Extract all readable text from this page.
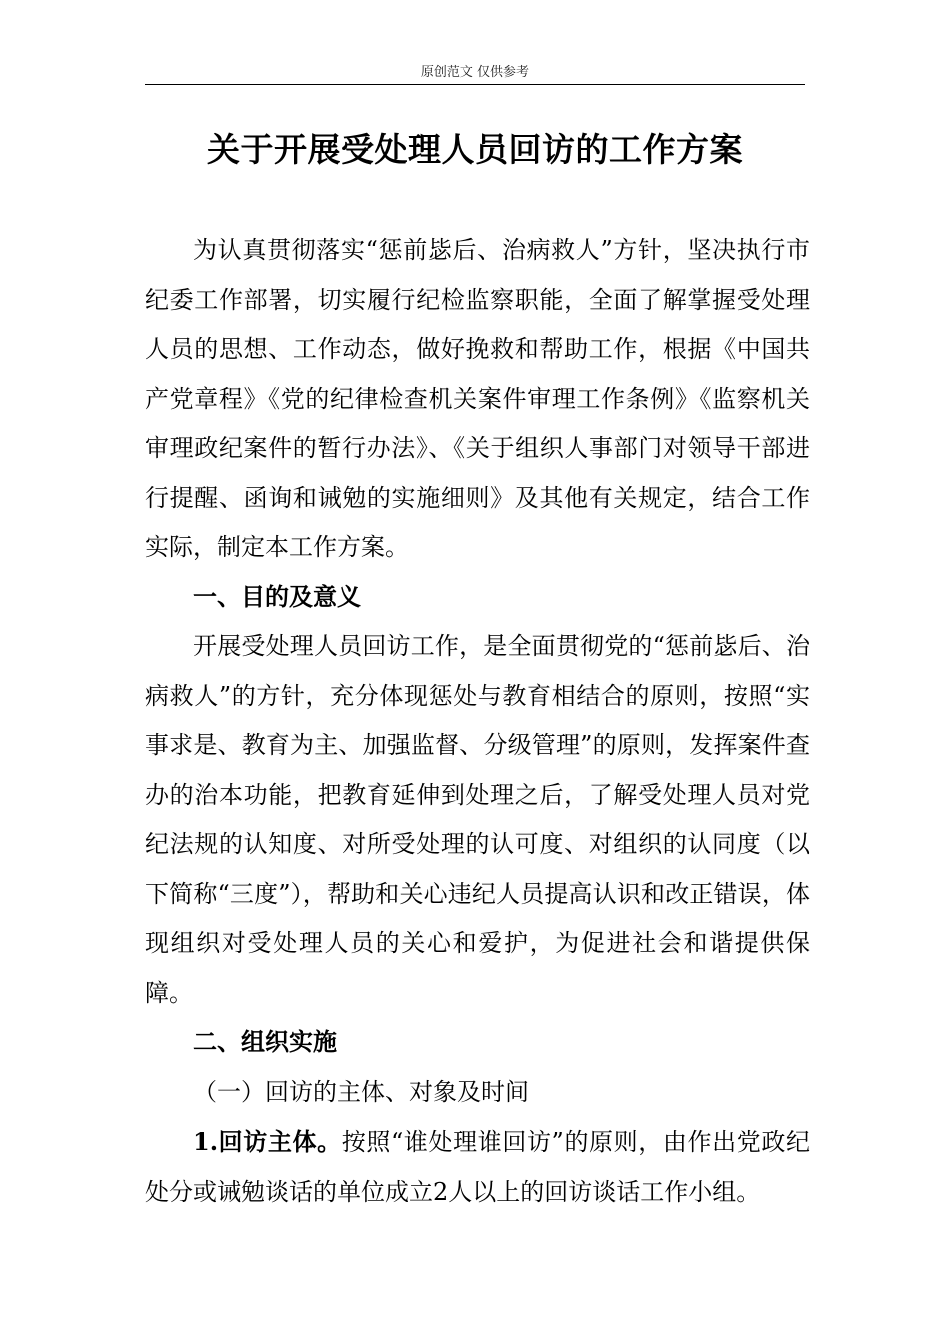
原创范文 仅供参考
关于开展受处理人员回访的工作方案

为认真贯彻落实“惩前毖后、治病救人”方针，坚决执行市纪委工作部署，切实履行纪检监察职能，全面了解掌握受处理人员的思想、工作动态，做好挽救和帮助工作，根据《中国共产党章程》《党的纪律检查机关案件审理工作条例》《监察机关审理政纪案件的暂行办法》、《关于组织人事部门对领导干部进行提醒、函询和诫勉的实施细则》及其他有关规定，结合工作实际，制定本工作方案。

一、目的及意义

开展受处理人员回访工作，是全面贯彻党的“惩前毖后、治病救人”的方针，充分体现惩处与教育相结合的原则，按照“实事求是、教育为主、加强监督、分级管理”的原则，发挥案件查办的治本功能，把教育延伸到处理之后，了解受处理人员对党纪法规的认知度、对所受处理的认可度、对组织的认同度（以下简称“三度”），帮助和关心违纪人员提高认识和改正错误，体现组织对受处理人员的关心和爱护，为促进社会和谐提供保障。

二、组织实施

（一）回访的主体、对象及时间

1.回访主体。按照“谁处理谁回访”的原则，由作出党政纪处分或诫勉谈话的单位成立2人以上的回访谈话工作小组。
